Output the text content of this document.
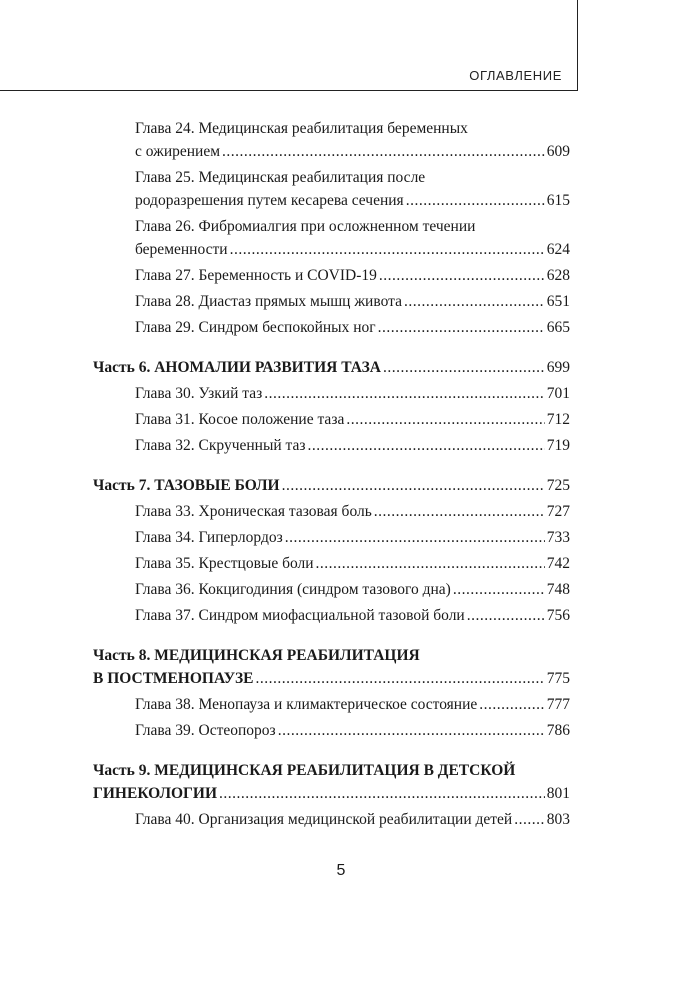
ОГЛАВЛЕНИЕ
Глава 24. Медицинская реабилитация беременных
с ожирением .....	609
Глава 25. Медицинская реабилитация после
родоразрешения путем кесарева сечения .....	615
Глава 26. Фибромиалгия при осложненном течении
беременности .....	624
Глава 27. Беременность и COVID-19 .....	628
Глава 28. Диастаз прямых мышц живота .....	651
Глава 29. Синдром беспокойных ног .....	665
Часть 6. АНОМАЛИИ РАЗВИТИЯ ТАЗА .....	699
Глава 30. Узкий таз .....	701
Глава 31. Косое положение таза .....	712
Глава 32. Скрученный таз .....	719
Часть 7. ТАЗОВЫЕ БОЛИ .....	725
Глава 33. Хроническая тазовая боль .....	727
Глава 34. Гиперлордоз .....	733
Глава 35. Крестцовые боли .....	742
Глава 36. Кокцигодиния (синдром тазового дна) .....	748
Глава 37. Синдром миофасциальной тазовой боли .....	756
Часть 8. МЕДИЦИНСКАЯ РЕАБИЛИТАЦИЯ
В ПОСТМЕНОПАУЗЕ .....	775
Глава 38. Менопауза и климактерическое состояние .....	777
Глава 39. Остеопороз .....	786
Часть 9. МЕДИЦИНСКАЯ РЕАБИЛИТАЦИЯ В ДЕТСКОЙ
ГИНЕКОЛОГИИ .....	801
Глава 40. Организация медицинской реабилитации детей ..... 803
5
